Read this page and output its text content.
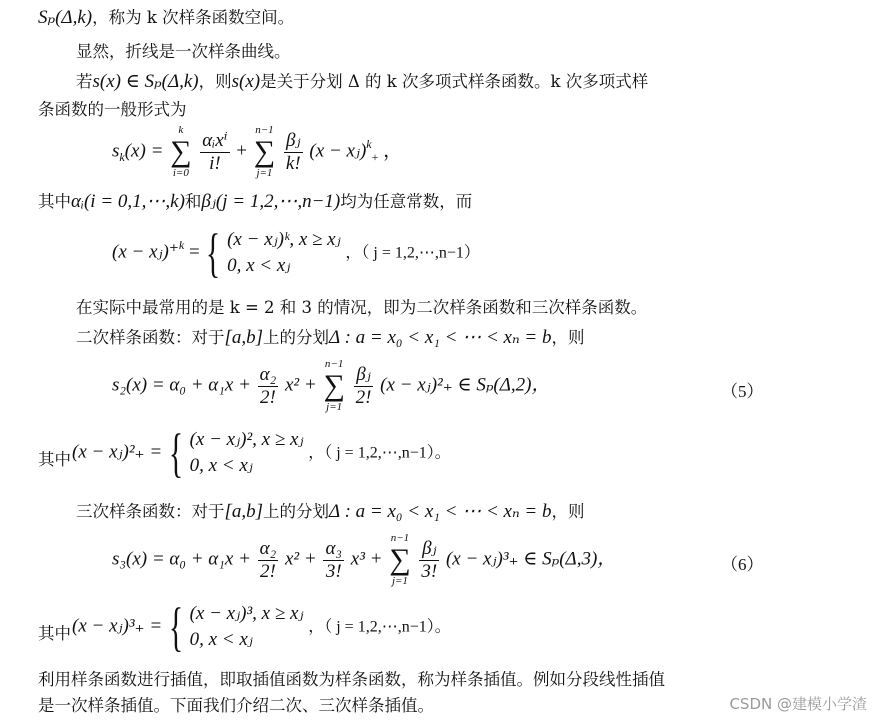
Sₚ(Δ,k)，称为 k 次样条函数空间。
显然，折线是一次样条曲线。
若s(x) ∈ Sₚ(Δ,k)，则s(x)是关于分划 Δ 的 k 次多项式样条函数。k 次多项式样
条函数的一般形式为
$s_k(x)$ =
k
∑
i=0
$\frac{\text{αᵢxⁱ}}{i!}$ +
n−1
∑
j=1
$\frac{\text{βⱼ}}{k!} (x$ − xⱼ)$^k_+$ ，
其中αᵢ(i = 0,1,⋯,k)和βⱼ(j = 1,2,⋯,n−1)均为任意常数，而
(x − xⱼ)⁺$^k$ = { (x − xⱼ)ᵏ, x ≥ xⱼ
0, x < xⱼ
，（ j = 1,2,⋯,n−1）
在实际中最常用的是 k = 2 和 3 的情况，即为二次样条函数和三次样条函数。
二次样条函数：对于[a,b]上的分划Δ : a = x₀ < x₁ < ⋯ < xₙ = b，则
$s_2(x) = \alpha_0 + \alpha_1x + \frac{\text{α₂}}{2!} x^2$ +
n−1
∑
j=1
$\frac{\text{βⱼ}}{2!} (x$ − xⱼ)²₊ ∈ Sₚ(Δ,2)，	（5）
其中 (x − xⱼ)²₊ = { (x − xⱼ)², x ≥ xⱼ
0, x < xⱼ
，（ j = 1,2,⋯,n−1）。
三次样条函数：对于[a,b]上的分划Δ : a = x₀ < x₁ < ⋯ < xₙ = b，则
$s_3(x) = \alpha_0 + \alpha_1x + \frac{\text{α₂}}{2!} x^2 + \frac{\text{α₃}}{3!} x^3$ +
n−1
∑
j=1
$\frac{\text{βⱼ}}{3!} (x$ − xⱼ)³₊ ∈ Sₚ(Δ,3)，	（6）
其中 (x − xⱼ)³₊ = { (x − xⱼ)³, x ≥ xⱼ
0, x < xⱼ
，（ j = 1,2,⋯,n−1）。
利用样条函数进行插值，即取插值函数为样条函数，称为样条插值。例如分段线性插值
是一次样条插值。下面我们介绍二次、三次样条插值。	CSDN @建模小学渣
